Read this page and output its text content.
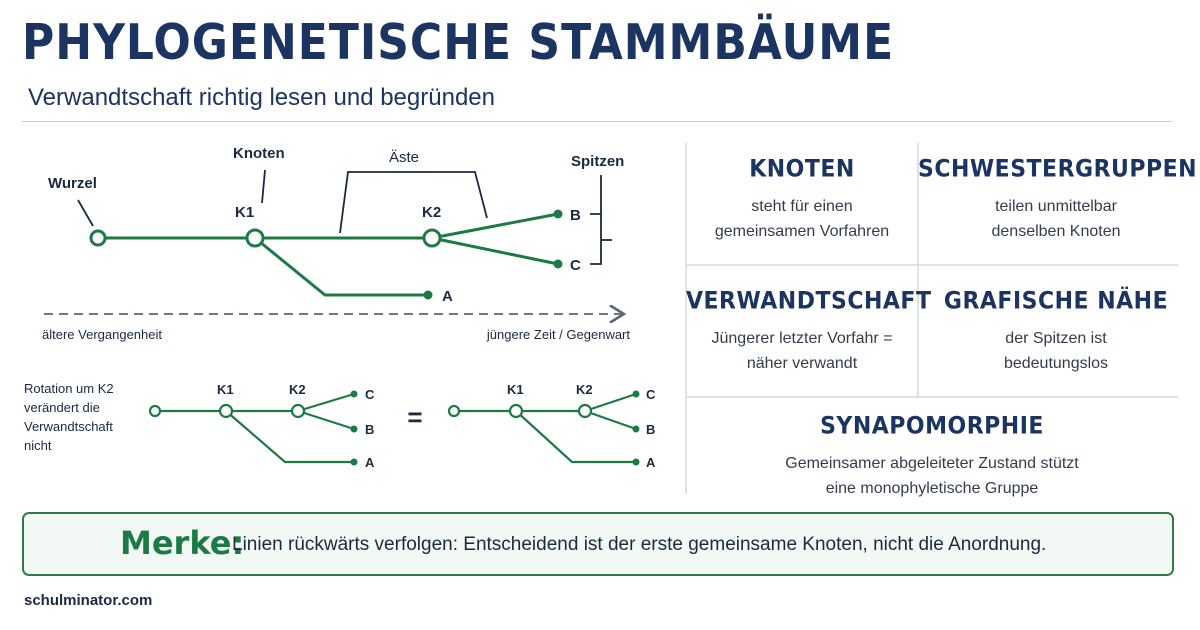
PHYLOGENETISCHE STAMMBÄUME
Verwandtschaft richtig lesen und begründen
Wurzel
Knoten	Äste	Spitzen
K1	K2
A
B
C
ältere Vergangenheit	jüngere Zeit / Gegenwart
Rotation um K2
verändert die
Verwandtschaft
nicht
K1	K2	C
B
A
=
K1	K2	C
B
A
KNOTEN
steht für einen
gemeinsamen Vorfahren
SCHWESTERGRUPPEN
teilen unmittelbar
denselben Knoten
VERWANDTSCHAFT
Jüngerer letzter Vorfahr =
näher verwandt
GRAFISCHE NÄHE
der Spitzen ist
bedeutungslos
SYNAPOMORPHIE
Gemeinsamer abgeleiteter Zustand stützt
eine monophyletische Gruppe
Merke:
Linien rückwärts verfolgen: Entscheidend ist der erste gemeinsame Knoten, nicht die Anordnung.
schulminator.com
